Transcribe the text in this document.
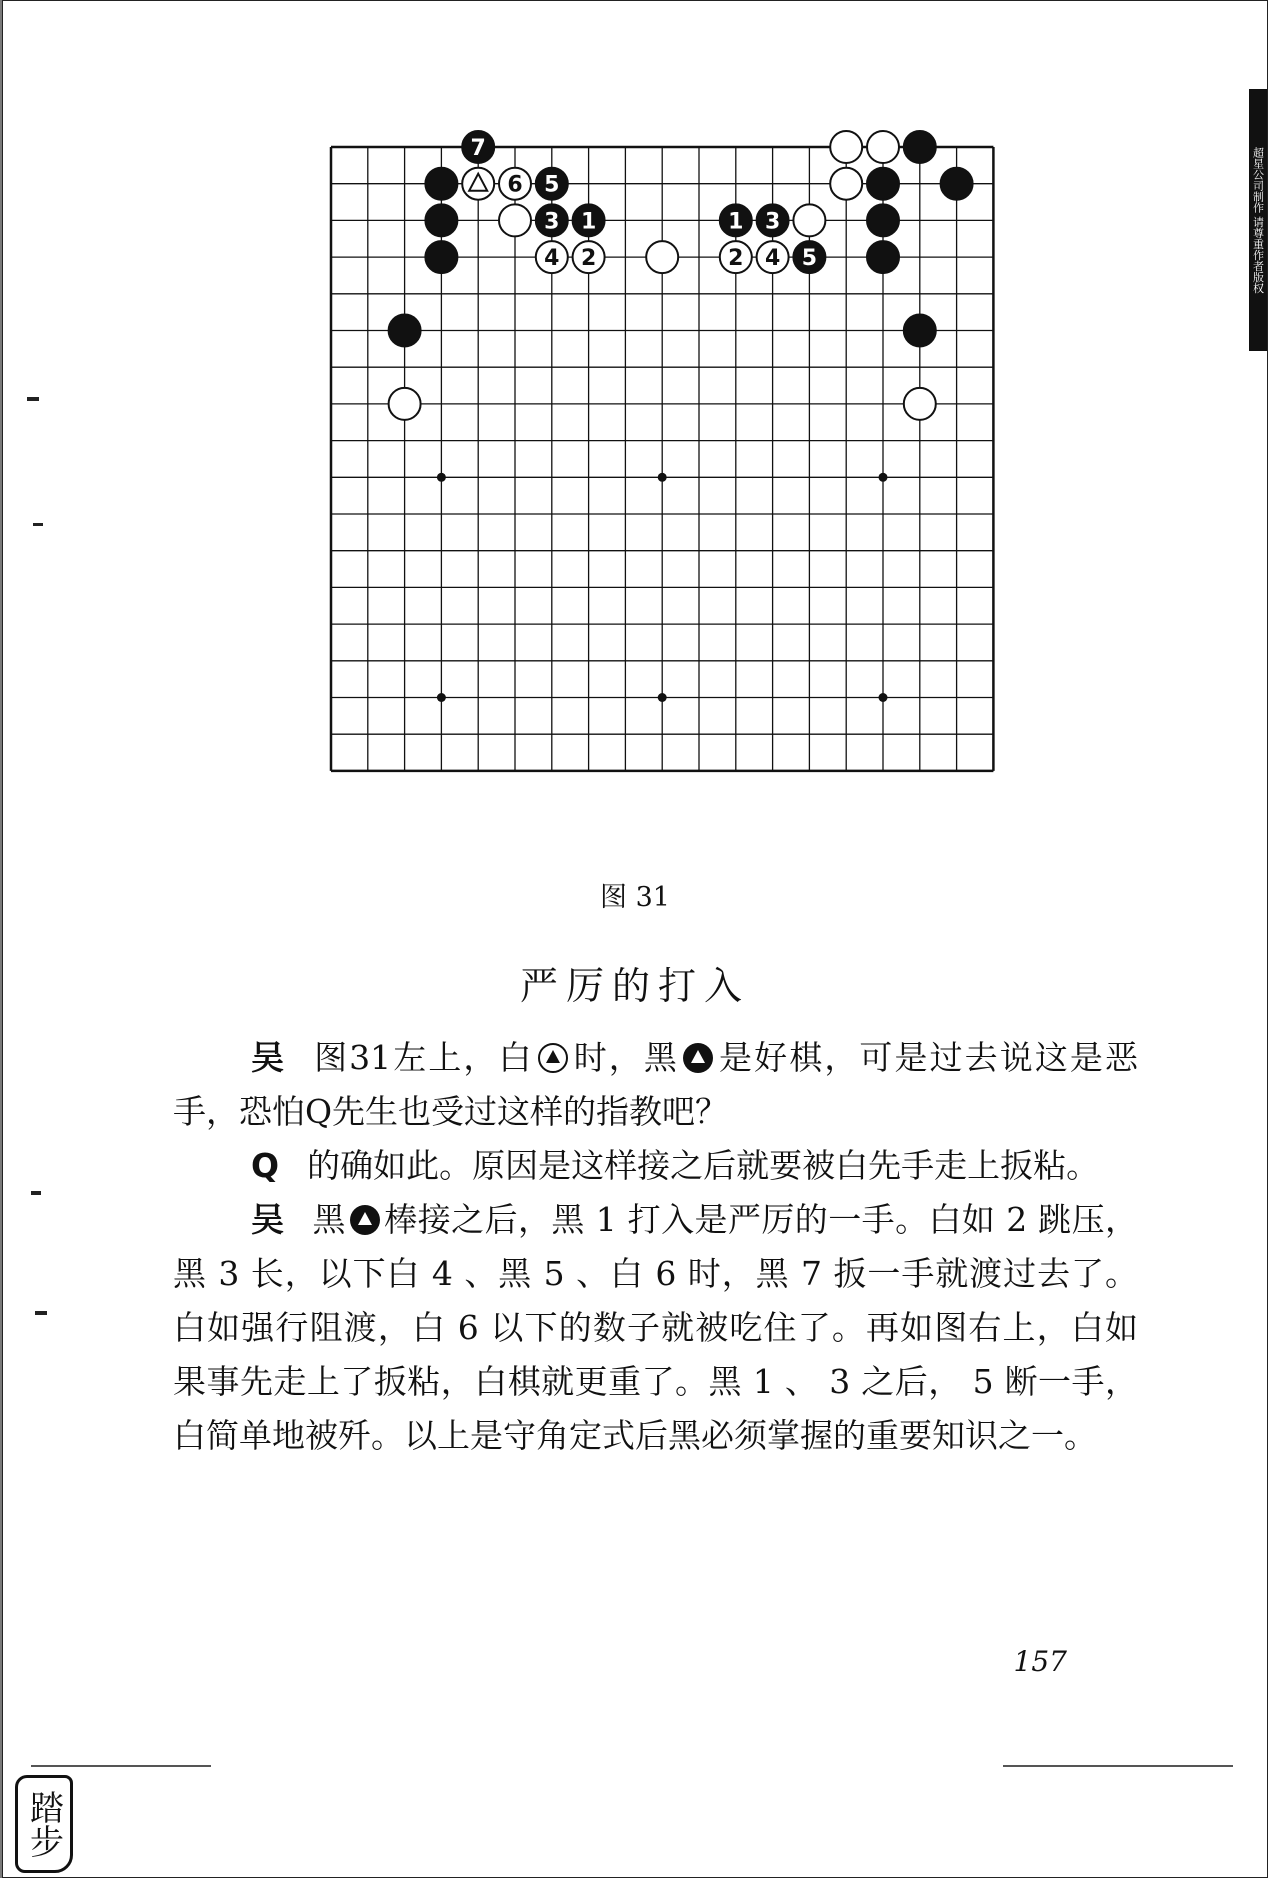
超星公司制作 请尊重作者版权
7
6 5
3 1
4 2
1 3
2 4 5
图 31
严厉的打入

吴 图31左上，白 时，黑 是好棋，可是过去说这是恶手，恐怕Q先生也受过这样的指教吧？

Q 的确如此。原因是这样接之后就要被白先手走上扳粘。

吴 黑 棒接之后，黑 1 打入是严厉的一手。白如 2 跳压，黑 3 长，以下白 4 、黑 5 、白 6 时，黑 7 扳一手就渡过去了。白如强行阻渡，白 6 以下的数子就被吃住了。再如图右上，白如果事先走上了扳粘，白棋就更重了。黑 1 、 3 之后， 5 断一手，白简单地被歼。以上是守角定式后黑必须掌握的重要知识之一。

157
踏步
